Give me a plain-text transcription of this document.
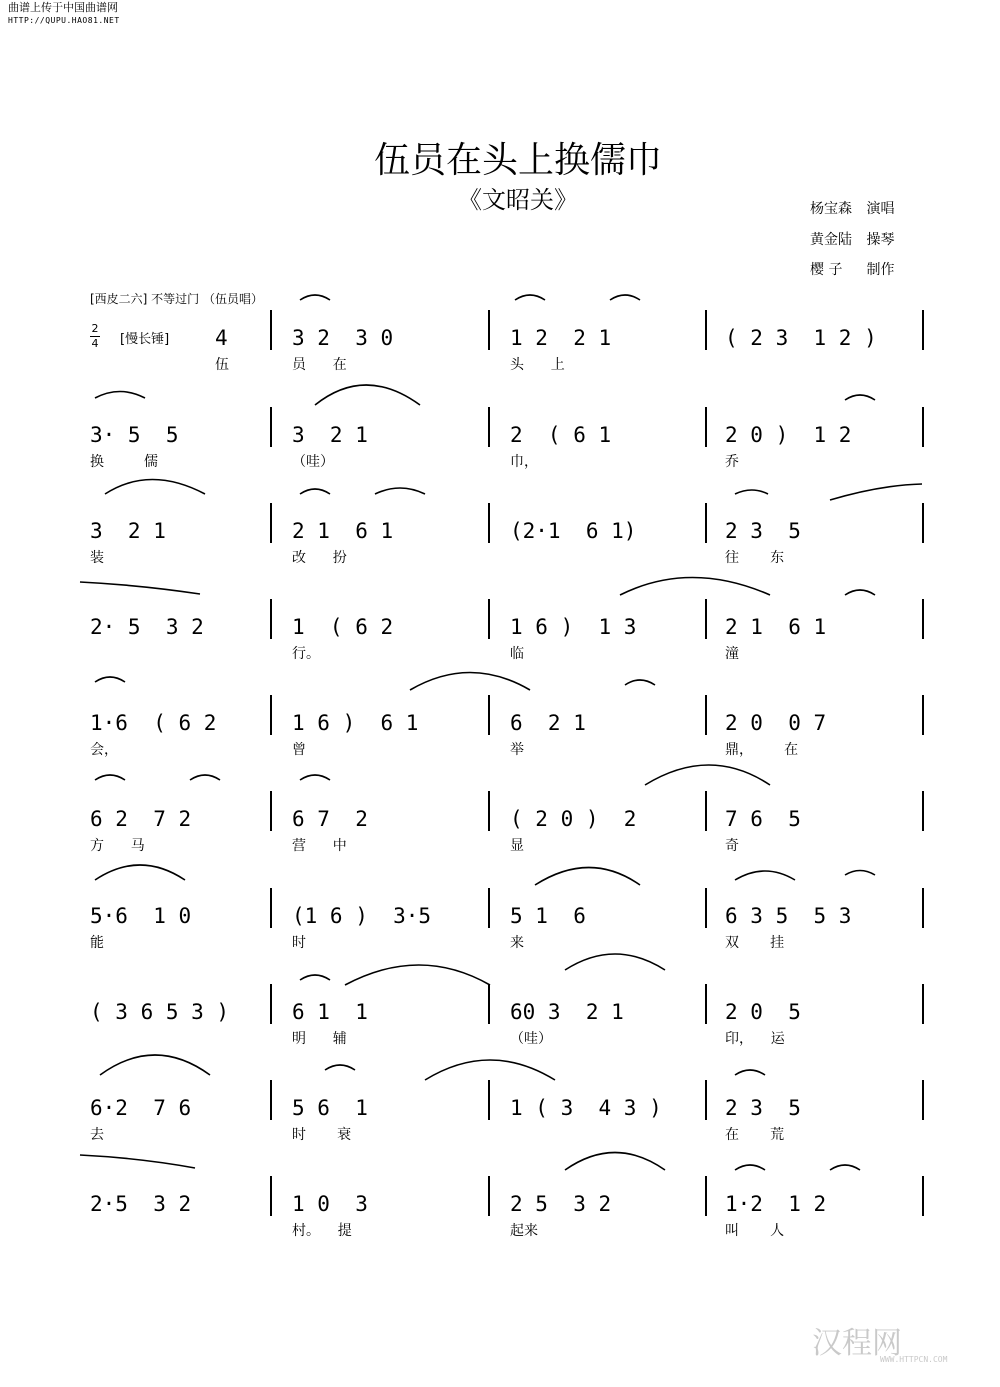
曲谱上传于中国曲谱网
HTTP://QUPU.HAO81.NET
伍员在头上换儒巾
《文昭关》	杨宝森 演唱
黄金陆 操琴
樱 子 制作
[西皮二六] 不等过门 （伍员唱）
2
4 [慢长锤] 4
伍
3 2  3 0
员      在
1 2  2 1
头      上
( 2 3  1 2 )
3· 5  5
换         儒
3  2 1
（哇）
2  ( 6 1
巾，
2 0 )  1 2
乔
3  2 1
装
2 1  6 1
改      扮
(2·1  6 1)	2 3  5
往       东
2· 5  3 2	1  ( 6 2
行。
1 6 )  1 3
临
2 1  6 1
潼
1·6  ( 6 2
会，
1 6 )  6 1
曾
6  2 1
举
2 0  0 7
鼎，       在
6 2  7 2
方      马
6 7  2
营      中
( 2 0 )  2
显
7 6  5
奇
5·6  1 0
能
(1 6 )  3·5
时
5 1  6
来
6 3 5  5 3
双       挂
( 3 6 5 3 )	6 1  1
明      辅
60 3  2 1
（哇）
2 0  5
印，    运
6·2  7 6
去
5 6  1
时       衰
1 ( 3  4 3 )	2 3  5
在       荒
2·5  3 2	1 0  3
村。    提
2 5  3 2
起来
1·2  1 2
叫       人
汉程网
WWW.HTTPCN.COM
